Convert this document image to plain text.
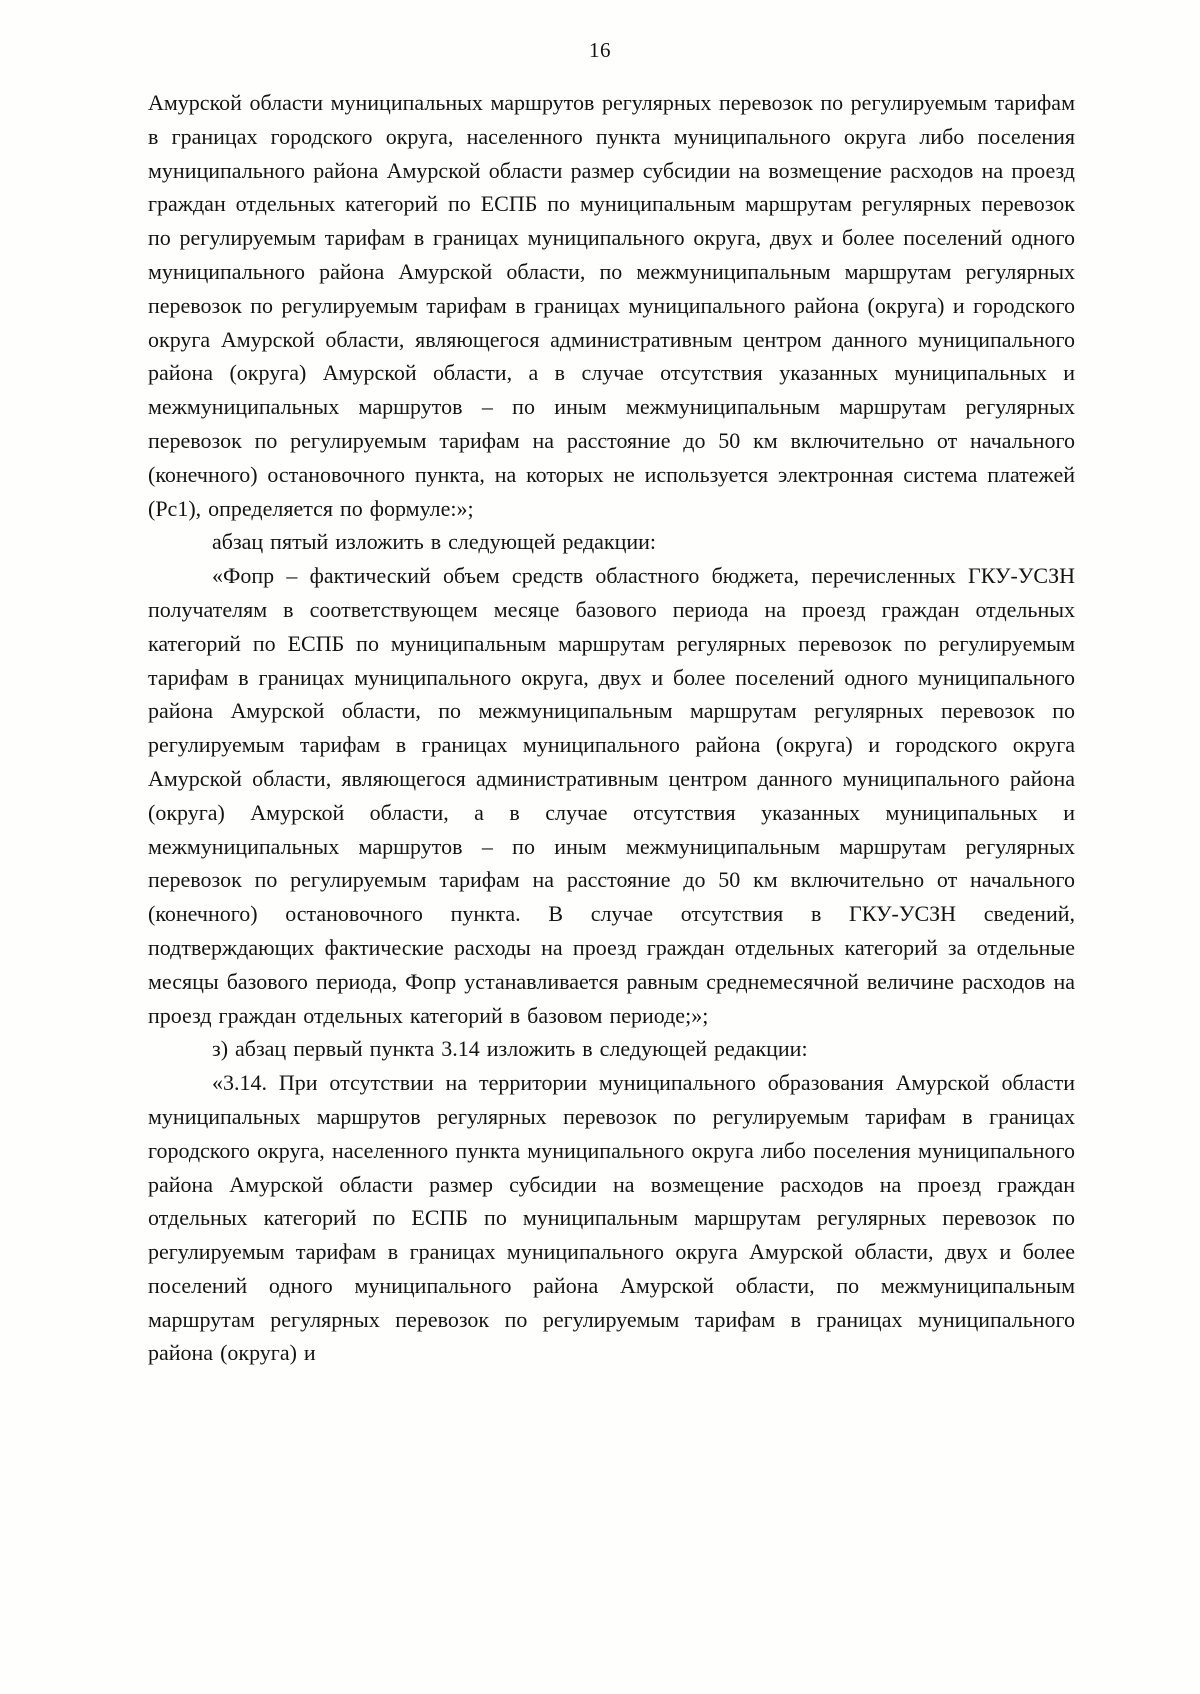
16

Амурской области муниципальных маршрутов регулярных перевозок по регулируемым тарифам в границах городского округа, населенного пункта муниципального округа либо поселения муниципального района Амурской области размер субсидии на возмещение расходов на проезд граждан отдельных категорий по ЕСПБ по муниципальным маршрутам регулярных перевозок по регулируемым тарифам в границах муниципального округа, двух и более поселений одного муниципального района Амурской области, по межмуниципальным маршрутам регулярных перевозок по регулируемым тарифам в границах муниципального района (округа) и городского округа Амурской области, являющегося административным центром данного муниципального района (округа) Амурской области, а в случае отсутствия указанных муниципальных и межмуниципальных маршрутов – по иным межмуниципальным маршрутам регулярных перевозок по регулируемым тарифам на расстояние до 50 км включительно от начального (конечного) остановочного пункта, на которых не используется электронная система платежей (Рс1), определяется по формуле:»;

абзац пятый изложить в следующей редакции:

«Фопр – фактический объем средств областного бюджета, перечисленных ГКУ-УСЗН получателям в соответствующем месяце базового периода на проезд граждан отдельных категорий по ЕСПБ по муниципальным маршрутам регулярных перевозок по регулируемым тарифам в границах муниципального округа, двух и более поселений одного муниципального района Амурской области, по межмуниципальным маршрутам регулярных перевозок по регулируемым тарифам в границах муниципального района (округа) и городского округа Амурской области, являющегося административным центром данного муниципального района (округа) Амурской области, а в случае отсутствия указанных муниципальных и межмуниципальных маршрутов – по иным межмуниципальным маршрутам регулярных перевозок по регулируемым тарифам на расстояние до 50 км включительно от начального (конечного) остановочного пункта. В случае отсутствия в ГКУ-УСЗН сведений, подтверждающих фактические расходы на проезд граждан отдельных категорий за отдельные месяцы базового периода, Фопр устанавливается равным среднемесячной величине расходов на проезд граждан отдельных категорий в базовом периоде;»;

з) абзац первый пункта 3.14 изложить в следующей редакции:

«3.14. При отсутствии на территории муниципального образования Амурской области муниципальных маршрутов регулярных перевозок по регулируемым тарифам в границах городского округа, населенного пункта муниципального округа либо поселения муниципального района Амурской области размер субсидии на возмещение расходов на проезд граждан отдельных категорий по ЕСПБ по муниципальным маршрутам регулярных перевозок по регулируемым тарифам в границах муниципального округа Амурской области, двух и более поселений одного муниципального района Амурской области, по межмуниципальным маршрутам регулярных перевозок по регулируемым тарифам в границах муниципального района (округа) и
